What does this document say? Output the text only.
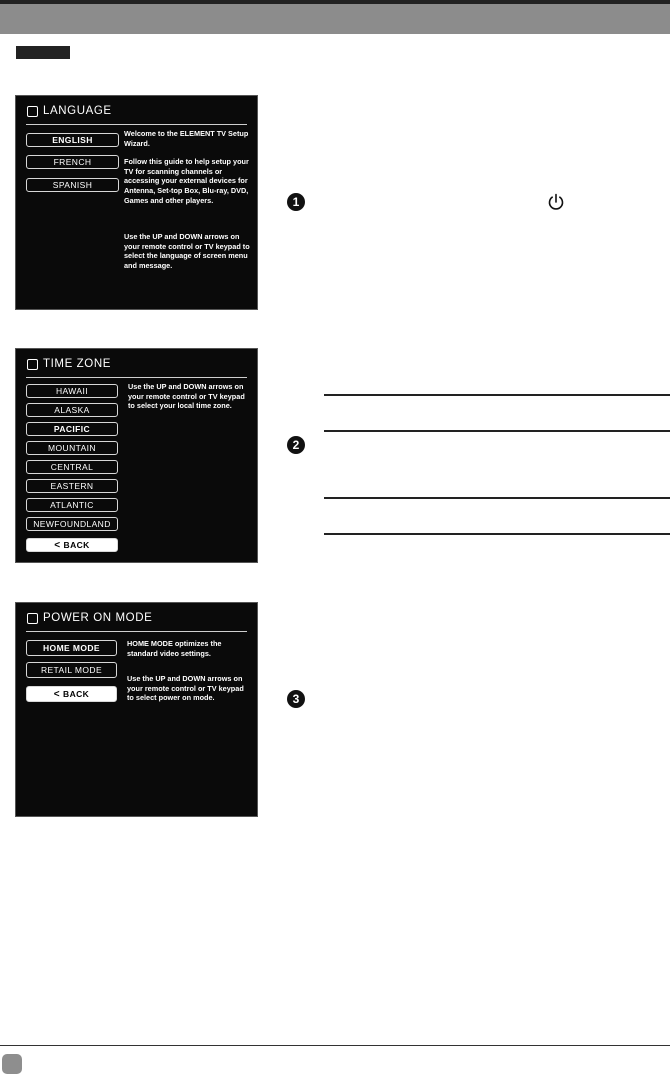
LANGUAGE
ENGLISH
FRENCH
SPANISH

Welcome to the ELEMENT TV Setup Wizard.

Follow this guide to help setup your TV for scanning channels or accessing your external devices for Antenna, Set-top Box, Blu-ray, DVD, Games and other players.

Use the UP and DOWN arrows on your remote control or TV keypad to select the language of screen menu and message.

TIME ZONE
HAWAII
ALASKA
PACIFIC
MOUNTAIN
CENTRAL
EASTERN
ATLANTIC
NEWFOUNDLAND
< BACK

Use the UP and DOWN arrows on your remote control or TV keypad to select your local time zone.

POWER ON MODE
HOME MODE
RETAIL MODE
< BACK

HOME MODE optimizes the standard video settings.

Use the UP and DOWN arrows on your remote control or TV keypad to select power on mode.

1
2
3
